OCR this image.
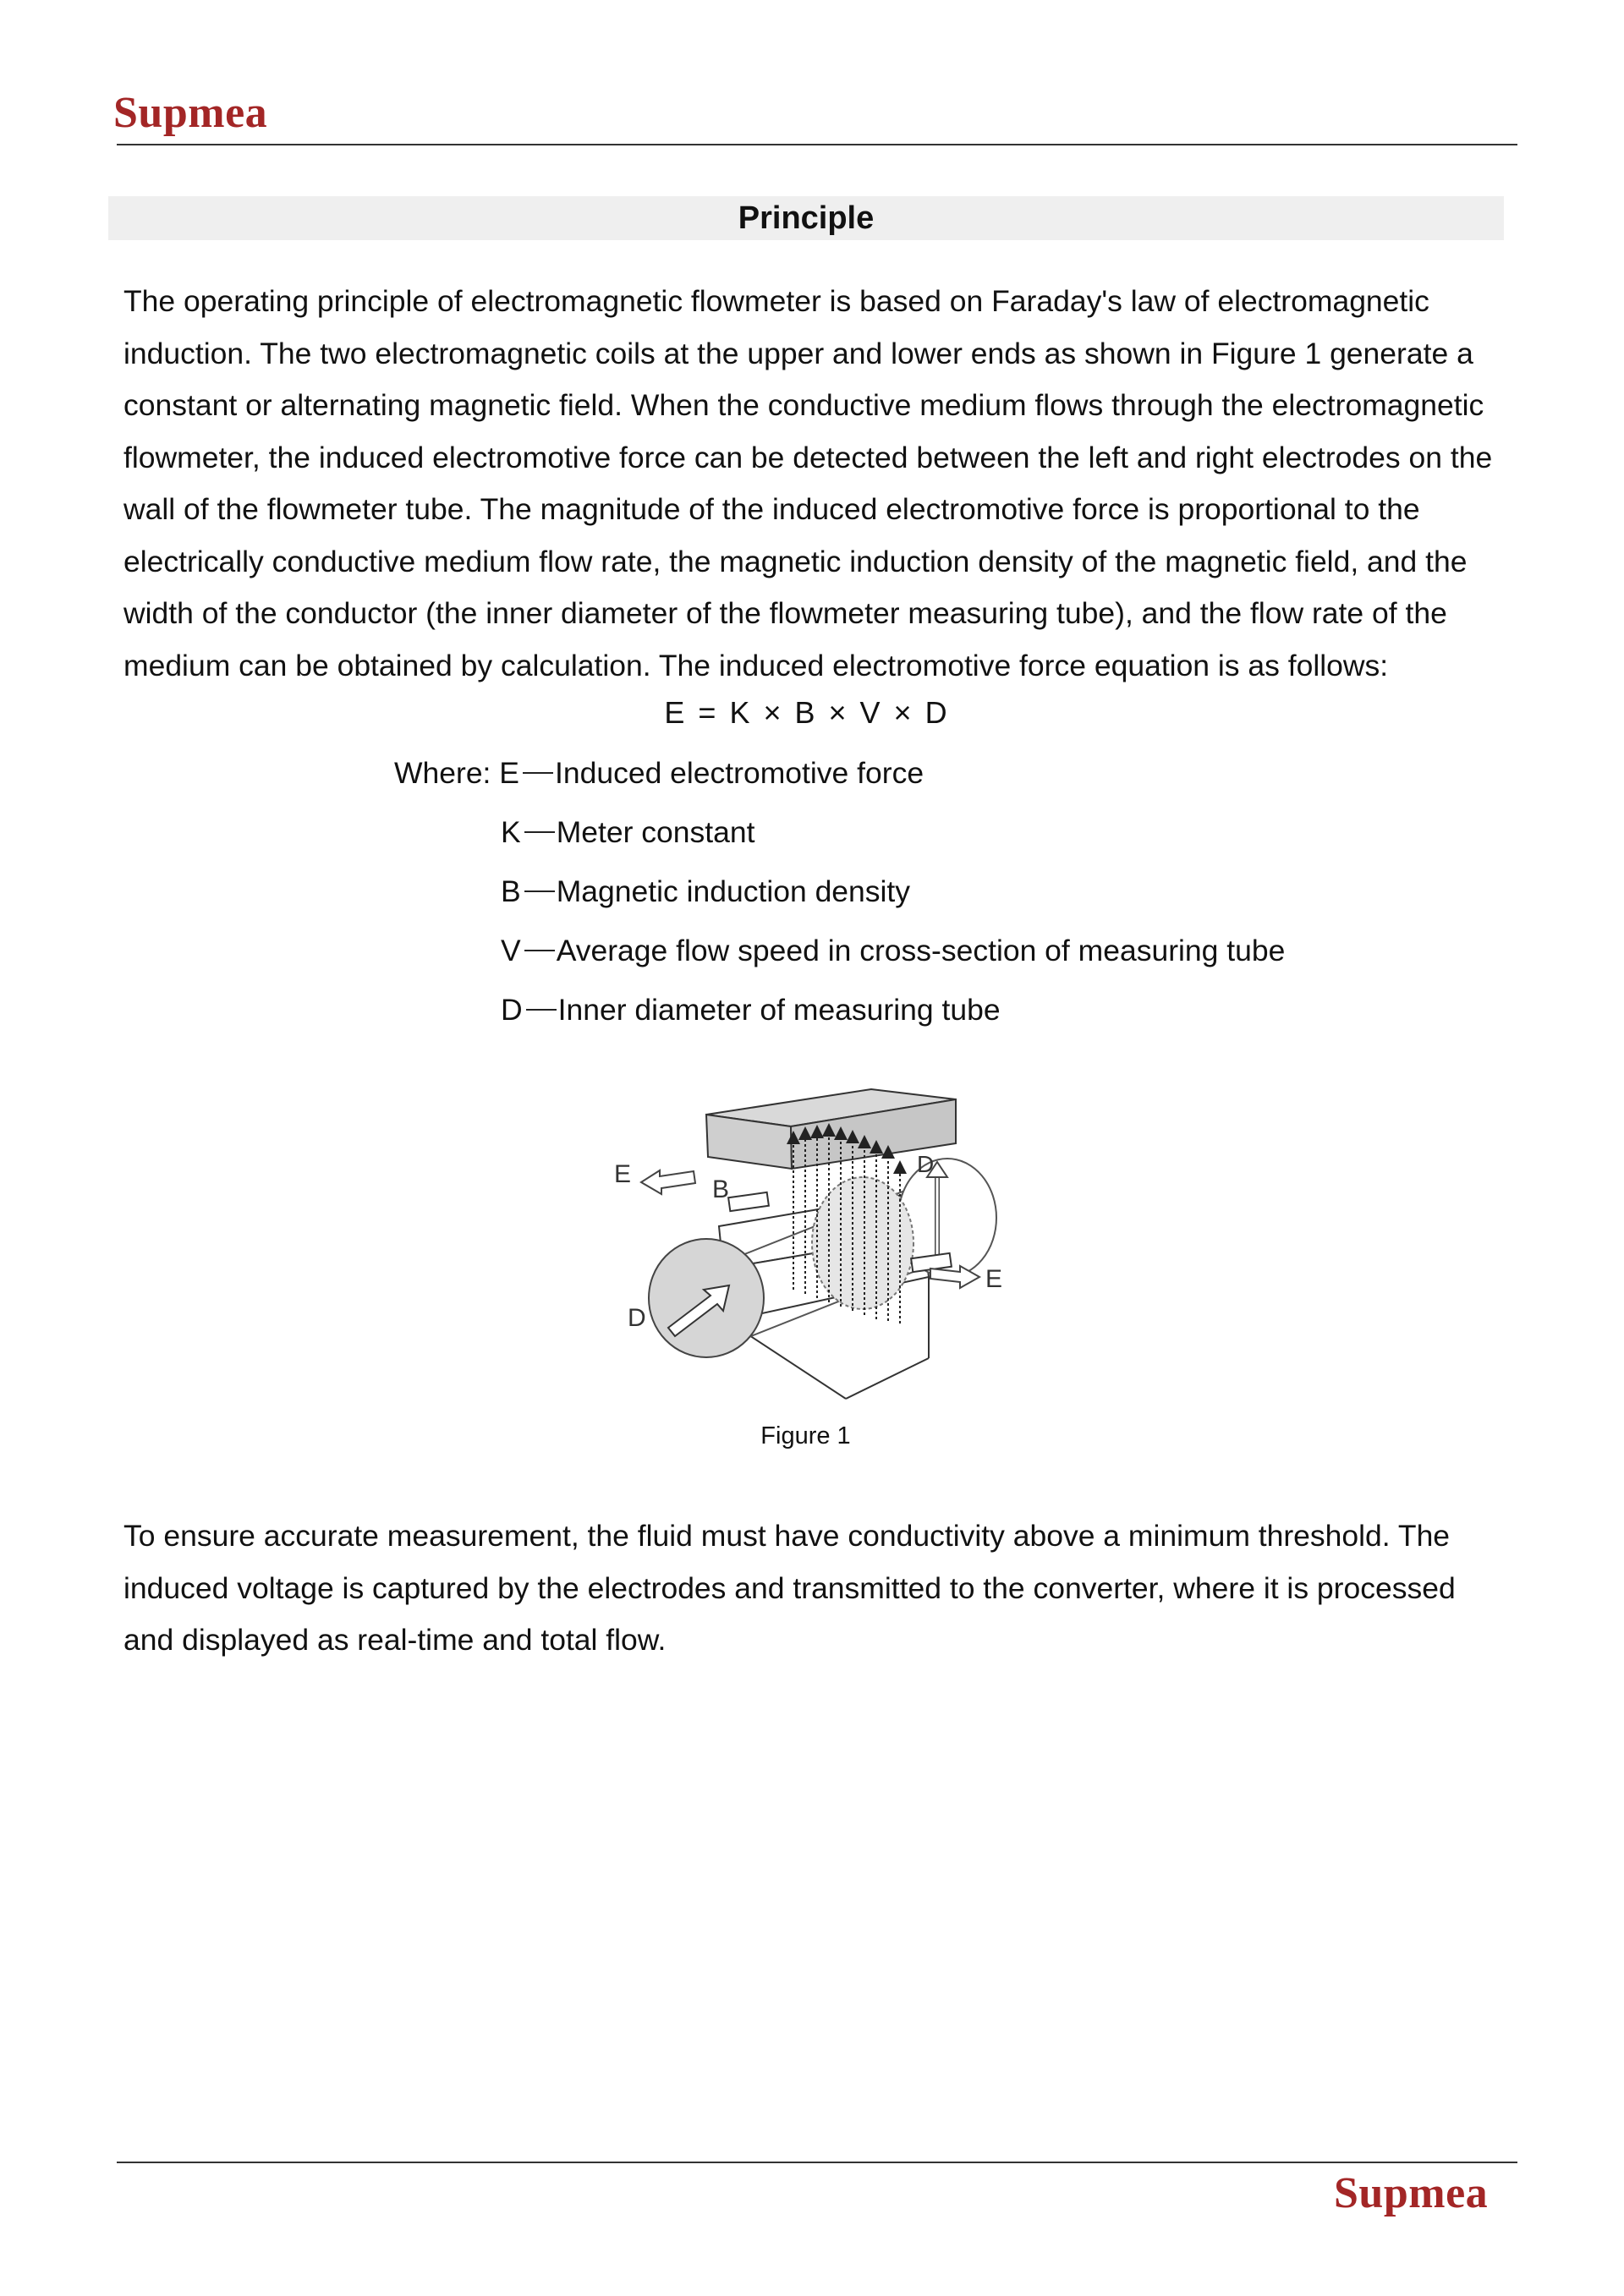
Supmea
Principle

The operating principle of electromagnetic flowmeter is based on Faraday's law of electromagnetic induction. The two electromagnetic coils at the upper and lower ends as shown in Figure 1 generate a constant or alternating magnetic field. When the conductive medium flows through the electromagnetic flowmeter, the induced electromotive force can be detected between the left and right electrodes on the wall of the flowmeter tube. The magnitude of the induced electromotive force is proportional to the electrically conductive medium flow rate, the magnetic induction density of the magnetic field, and the width of the conductor (the inner diameter of the flowmeter measuring tube), and the flow rate of the medium can be obtained by calculation. The induced electromotive force equation is as follows:

E = K × B × V × D
Where: E Induced electromotive force
K Meter constant
B Magnetic induction density
V Average flow speed in cross-section of measuring tube
D Inner diameter of measuring tube
E
B
D
E
D
Figure 1

To ensure accurate measurement, the fluid must have conductivity above a minimum threshold. The induced voltage is captured by the electrodes and transmitted to the converter, where it is processed and displayed as real-time and total flow.

Supmea
